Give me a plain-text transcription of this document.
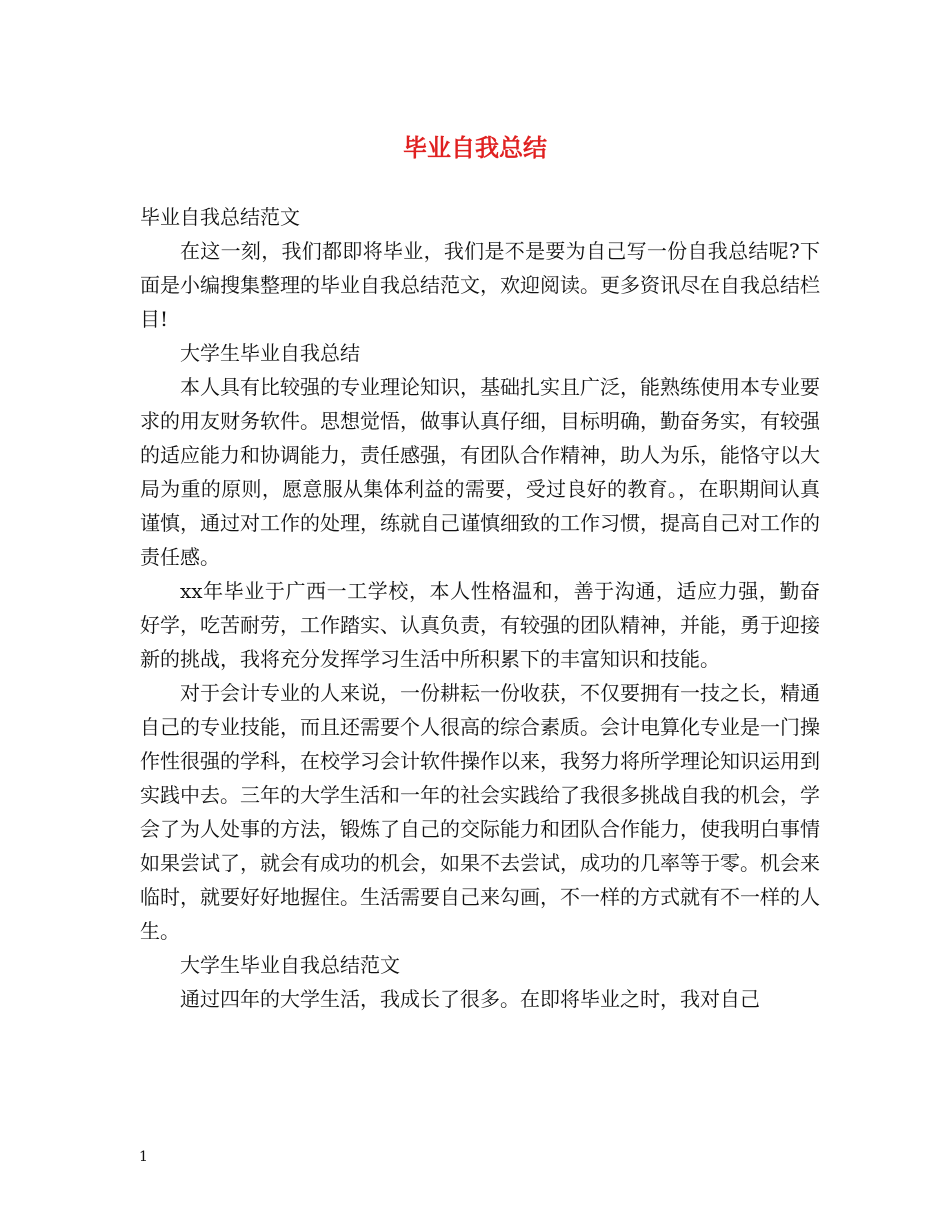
毕业自我总结

毕业自我总结范文

在这一刻，我们都即将毕业，我们是不是要为自己写一份自我总结呢?下面是小编搜集整理的毕业自我总结范文，欢迎阅读。更多资讯尽在自我总结栏目!

大学生毕业自我总结

本人具有比较强的专业理论知识，基础扎实且广泛，能熟练使用本专业要求的用友财务软件。思想觉悟，做事认真仔细，目标明确，勤奋务实，有较强的适应能力和协调能力，责任感强，有团队合作精神，助人为乐，能恪守以大局为重的原则，愿意服从集体利益的需要，受过良好的教育。，在职期间认真谨慎，通过对工作的处理，练就自己谨慎细致的工作习惯，提高自己对工作的责任感。

xx年毕业于广西一工学校，本人性格温和，善于沟通，适应力强，勤奋好学，吃苦耐劳，工作踏实、认真负责，有较强的团队精神，并能，勇于迎接新的挑战，我将充分发挥学习生活中所积累下的丰富知识和技能。

对于会计专业的人来说，一份耕耘一份收获，不仅要拥有一技之长，精通自己的专业技能，而且还需要个人很高的综合素质。会计电算化专业是一门操作性很强的学科，在校学习会计软件操作以来，我努力将所学理论知识运用到实践中去。三年的大学生活和一年的社会实践给了我很多挑战自我的机会，学会了为人处事的方法，锻炼了自己的交际能力和团队合作能力，使我明白事情如果尝试了，就会有成功的机会，如果不去尝试，成功的几率等于零。机会来临时，就要好好地握住。生活需要自己来勾画，不一样的方式就有不一样的人生。

大学生毕业自我总结范文

通过四年的大学生活，我成长了很多。在即将毕业之时，我对自己

1
